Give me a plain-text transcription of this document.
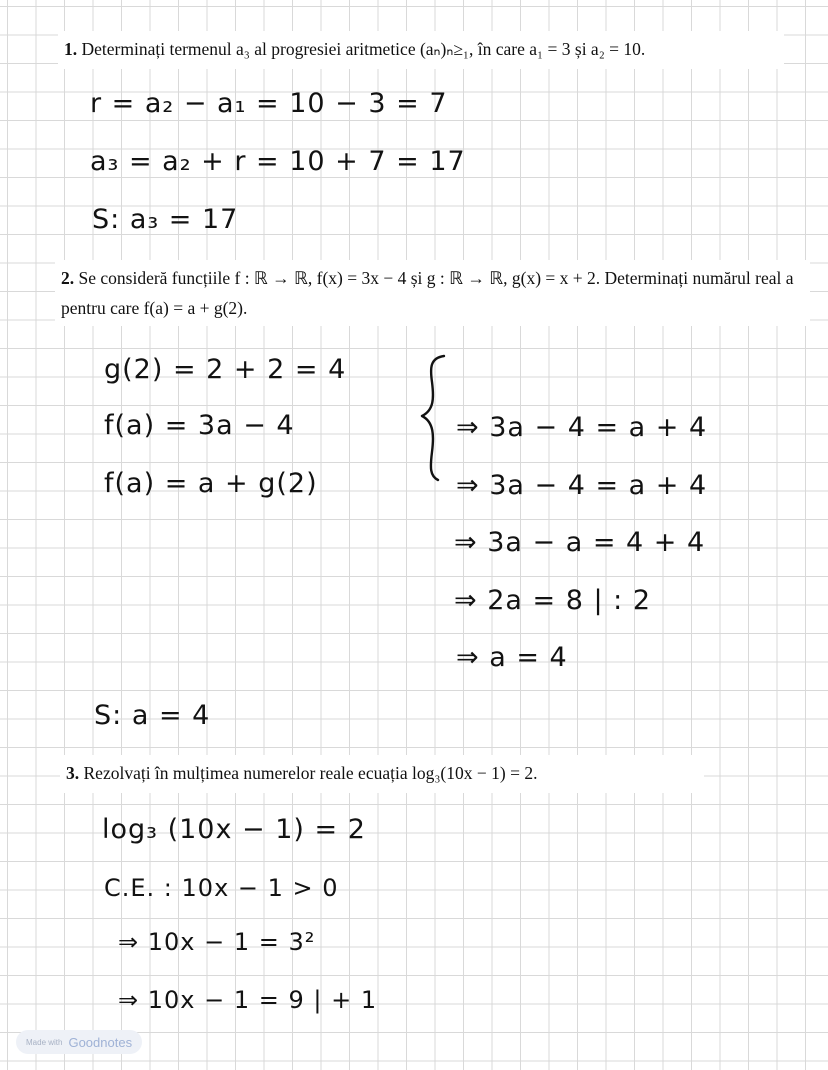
1. Determinați termenul a₃ al progresiei aritmetice (aₙ)ₙ≥₁, în care a₁ = 3 și a₂ = 10.
r = a₂ − a₁ = 10 − 3 = 7
a₃ = a₂ + r = 10 + 7 = 17
S: a₃ = 17
2. Se consideră funcțiile f : ℝ → ℝ, f(x) = 3x − 4 și g : ℝ → ℝ, g(x) = x + 2. Determinați numărul real a pentru care f(a) = a + g(2).
g(2) = 2 + 2 = 4
f(a) = 3a − 4
f(a) = a + g(2)
⇒ 3a − 4 = a + 4
⇒ 3a − 4 = a + 4
⇒ 3a − a = 4 + 4
⇒ 2a = 8 | : 2
⇒ a = 4
S: a = 4
3. Rezolvați în mulțimea numerelor reale ecuația log₃(10x − 1) = 2.
log₃ (10x − 1) = 2
C.E. : 10x − 1 > 0
⇒ 10x − 1 = 3²
⇒ 10x − 1 = 9 | + 1
Made with Goodnotes
